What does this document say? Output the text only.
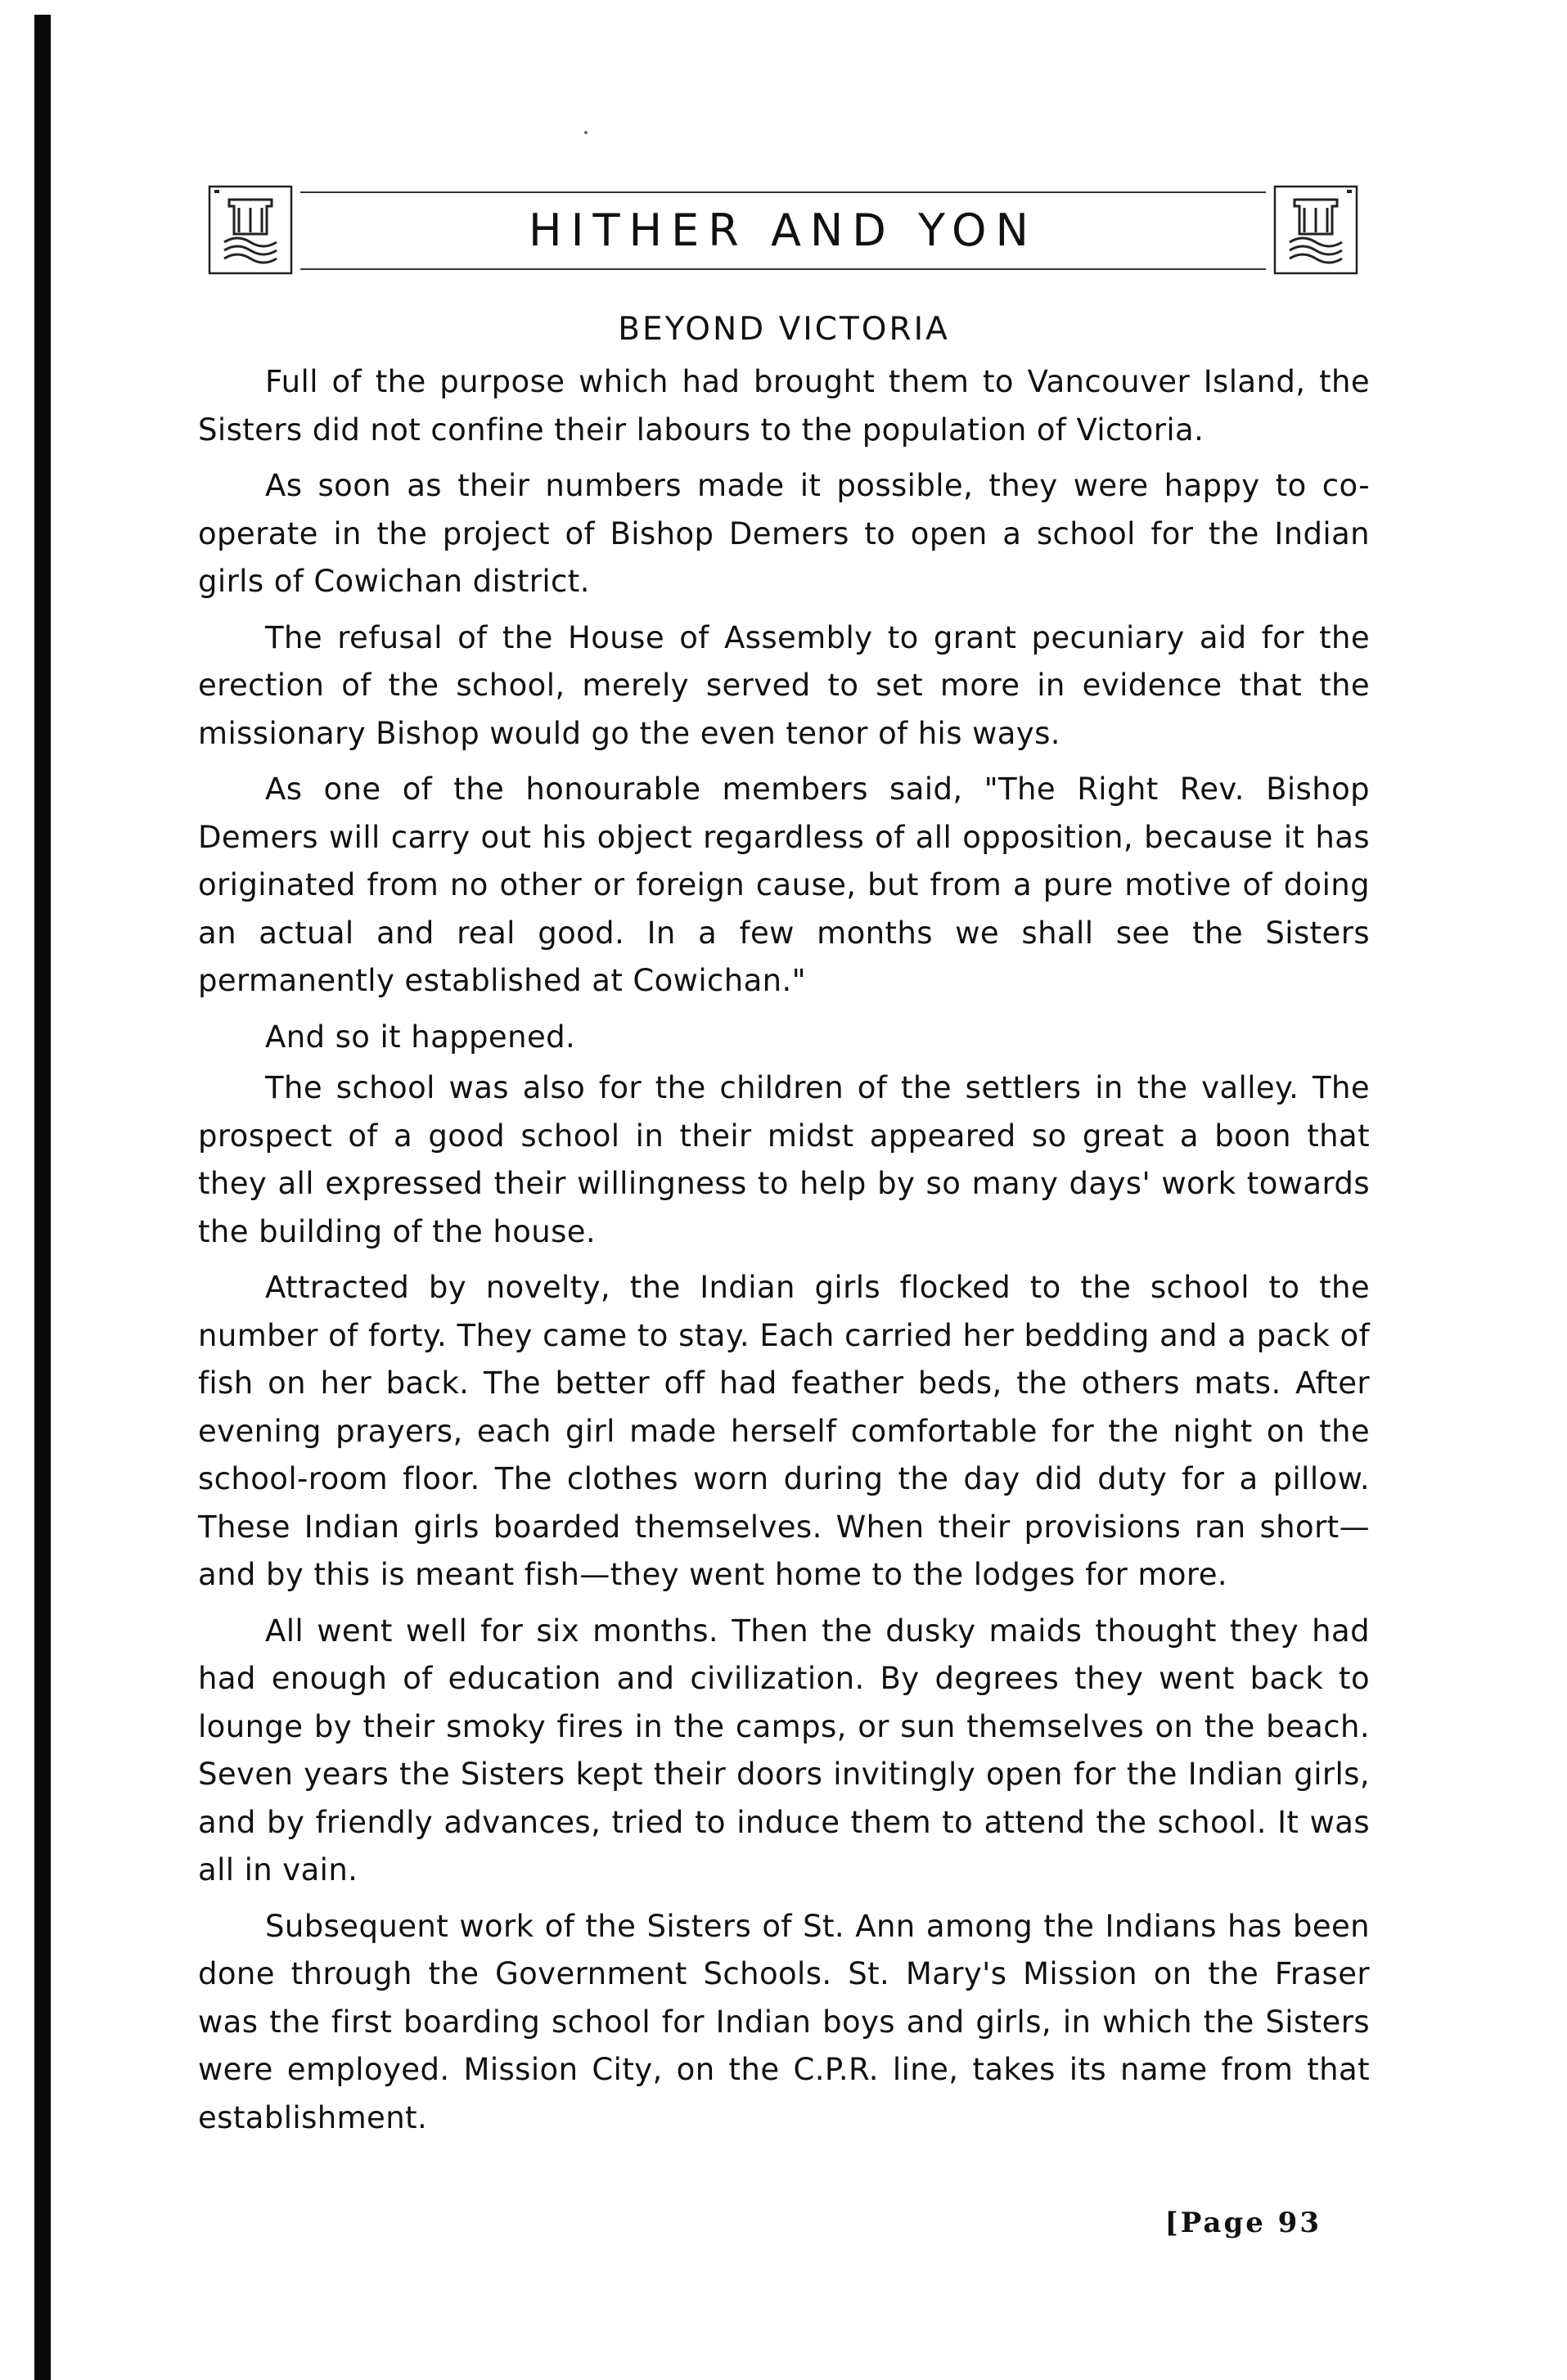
HITHER AND YON
BEYOND VICTORIA

Full of the purpose which had brought them to Vancouver Island, the Sisters did not confine their labours to the population of Victoria.

As soon as their numbers made it possible, they were happy to co-operate in the project of Bishop Demers to open a school for the Indian girls of Cowichan district.

The refusal of the House of Assembly to grant pecuniary aid for the erection of the school, merely served to set more in evidence that the missionary Bishop would go the even tenor of his ways.

As one of the honourable members said, "The Right Rev. Bishop Demers will carry out his object regardless of all opposition, because it has originated from no other or foreign cause, but from a pure motive of doing an actual and real good. In a few months we shall see the Sisters permanently established at Cowichan."

And so it happened.

The school was also for the children of the settlers in the valley. The prospect of a good school in their midst appeared so great a boon that they all expressed their willingness to help by so many days' work towards the building of the house.

Attracted by novelty, the Indian girls flocked to the school to the number of forty. They came to stay. Each carried her bedding and a pack of fish on her back. The better off had feather beds, the others mats. After evening prayers, each girl made herself comfortable for the night on the school-room floor. The clothes worn during the day did duty for a pillow. These Indian girls boarded themselves. When their provisions ran short—and by this is meant fish—they went home to the lodges for more.

All went well for six months. Then the dusky maids thought they had had enough of education and civilization. By degrees they went back to lounge by their smoky fires in the camps, or sun themselves on the beach. Seven years the Sisters kept their doors invitingly open for the Indian girls, and by friendly advances, tried to induce them to attend the school. It was all in vain.

Subsequent work of the Sisters of St. Ann among the Indians has been done through the Government Schools. St. Mary's Mission on the Fraser was the first boarding school for Indian boys and girls, in which the Sisters were employed. Mission City, on the C.P.R. line, takes its name from that establishment.

[Page 93
